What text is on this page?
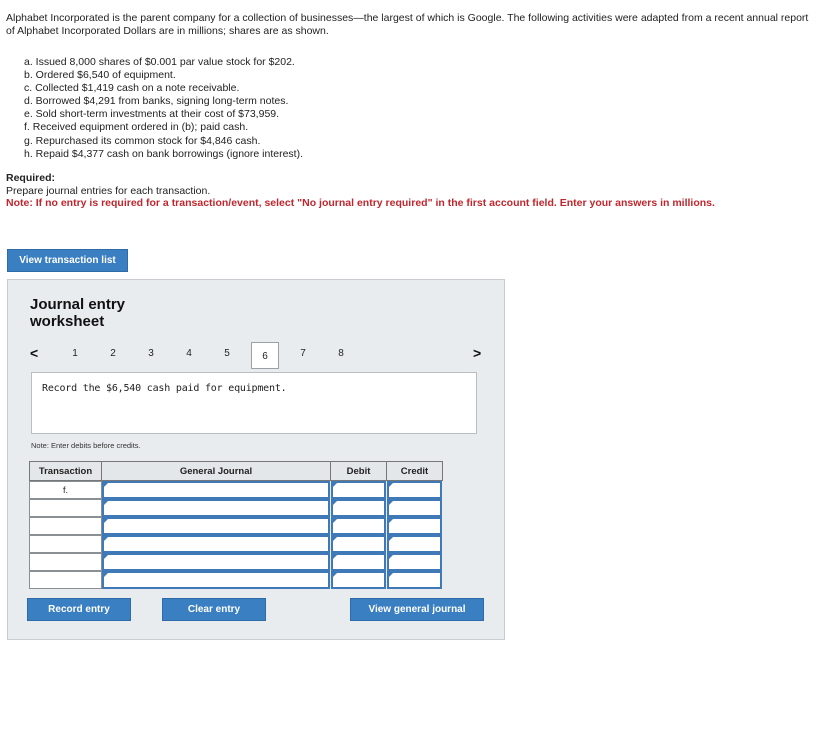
Alphabet Incorporated is the parent company for a collection of businesses—the largest of which is Google. The following activities were adapted from a recent annual report of Alphabet Incorporated Dollars are in millions; shares are as shown.
a. Issued 8,000 shares of $0.001 par value stock for $202.
b. Ordered $6,540 of equipment.
c. Collected $1,419 cash on a note receivable.
d. Borrowed $4,291 from banks, signing long-term notes.
e. Sold short-term investments at their cost of $73,959.
f. Received equipment ordered in (b); paid cash.
g. Repurchased its common stock for $4,846 cash.
h. Repaid $4,377 cash on bank borrowings (ignore interest).
Required:
Prepare journal entries for each transaction.
Note: If no entry is required for a transaction/event, select "No journal entry required" in the first account field. Enter your answers in millions.
View transaction list
Journal entry
worksheet
<	1	2	3	4	5	6	7	8	>
Record the $6,540 cash paid for equipment.
Note: Enter debits before credits.
Transaction	General Journal	Debit	Credit
f.
Record entry	Clear entry	View general journal
